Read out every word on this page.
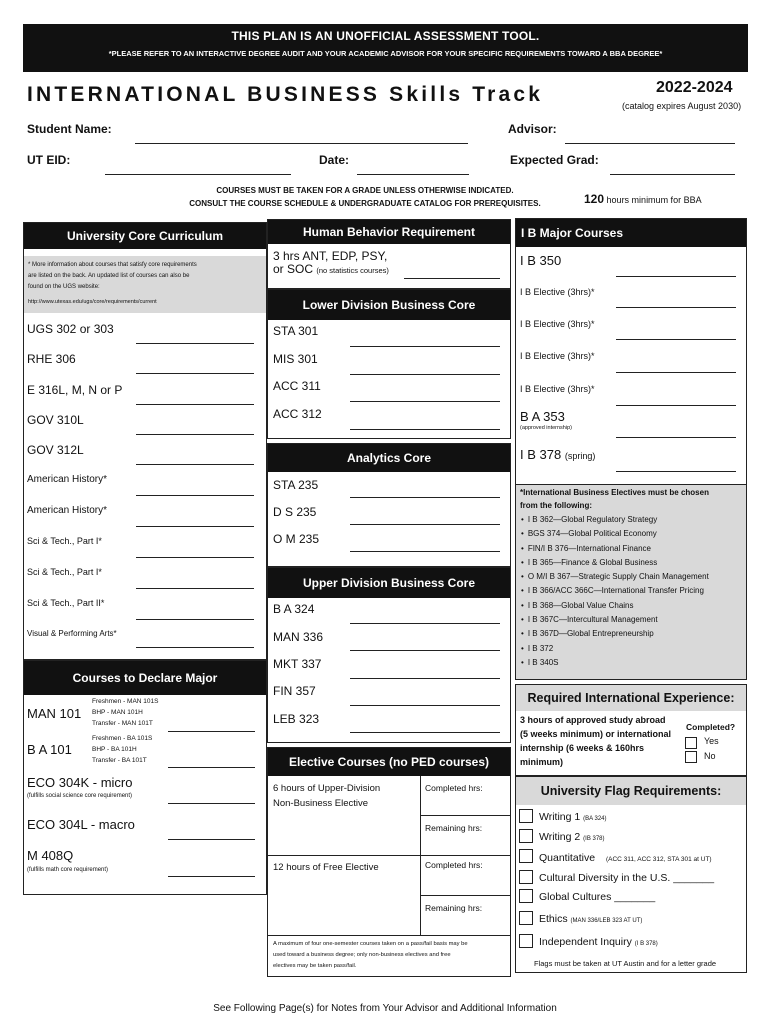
THIS PLAN IS AN UNOFFICIAL ASSESSMENT TOOL.
*PLEASE REFER TO AN INTERACTIVE DEGREE AUDIT AND YOUR ACADEMIC ADVISOR FOR YOUR SPECIFIC REQUIREMENTS TOWARD A BBA DEGREE*
INTERNATIONAL BUSINESS Skills Track	2022-2024
(catalog expires August 2030)
Student Name:	Advisor:
UT EID:	Date:	Expected Grad:
COURSES MUST BE TAKEN FOR A GRADE UNLESS OTHERWISE INDICATED.
CONSULT THE COURSE SCHEDULE & UNDERGRADUATE CATALOG FOR PREREQUISITES.	120 hours minimum for BBA
University Core Curriculum
* More information about courses that satisfy core requirements
are listed on the back. An updated list of courses can also be
found on the UGS website:
http://www.utexas.edu/ugs/core/requirements/current
UGS 302 or 303
RHE 306
E 316L, M, N or P
GOV 310L
GOV 312L
American History*
American History*
Sci & Tech., Part I*
Sci & Tech., Part I*
Sci & Tech., Part II*
Visual & Performing Arts*
Courses to Declare Major
MAN 101
Freshmen - MAN 101S
BHP - MAN 101H
Transfer - MAN 101T
B A 101
Freshmen - BA 101S
BHP - BA 101H
Transfer - BA 101T
ECO 304K - micro
(fulfills social science core requirement)
ECO 304L - macro
M 408Q
(fulfills math core requirement)
Human Behavior Requirement
3 hrs ANT, EDP, PSY,
or SOC (no statistics courses)
Lower Division Business Core
STA 301
MIS 301
ACC 311
ACC 312
Analytics Core
STA 235
D S 235
O M 235
Upper Division Business Core
B A 324
MAN 336
MKT 337
FIN 357
LEB 323
Elective Courses (no PED courses)
6 hours of Upper-Division
Non-Business Elective
Completed hrs:
Remaining hrs:
12 hours of Free Elective	Completed hrs:
Remaining hrs:
A maximum of four one-semester courses taken on a pass/fail basis may be
used toward a business degree; only non-business electives and free
electives may be taken pass/fail.
I B Major Courses
I B 350
I B Elective (3hrs)*
I B Elective (3hrs)*
I B Elective (3hrs)*
I B Elective (3hrs)*
B A 353
(approved internship)
I B 378 (spring)
*International Business Electives must be chosen
from the following:
• I B 362—Global Regulatory Strategy
• BGS 374—Global Political Economy
• FIN/I B 376—International Finance
• I B 365—Finance & Global Business
• O M/I B 367—Strategic Supply Chain Management
• I B 366/ACC 366C—International Transfer Pricing
• I B 368—Global Value Chains
• I B 367C—Intercultural Management
• I B 367D—Global Entrepreneurship
• I B 372
• I B 340S
Required International Experience:
3 hours of approved study abroad
(5 weeks minimum) or international
internship (6 weeks & 160hrs
minimum)
Completed?
Yes
No
University Flag Requirements:
Writing 1 (BA 324)
Writing 2 (IB 378)
Quantitative (ACC 311, ACC 312, STA 301 at UT)
Cultural Diversity in the U.S. _______
Global Cultures _______
Ethics (MAN 336/LEB 323 AT UT)
Independent Inquiry (I B 378)
Flags must be taken at UT Austin and for a letter grade
See Following Page(s) for Notes from Your Advisor and Additional Information
